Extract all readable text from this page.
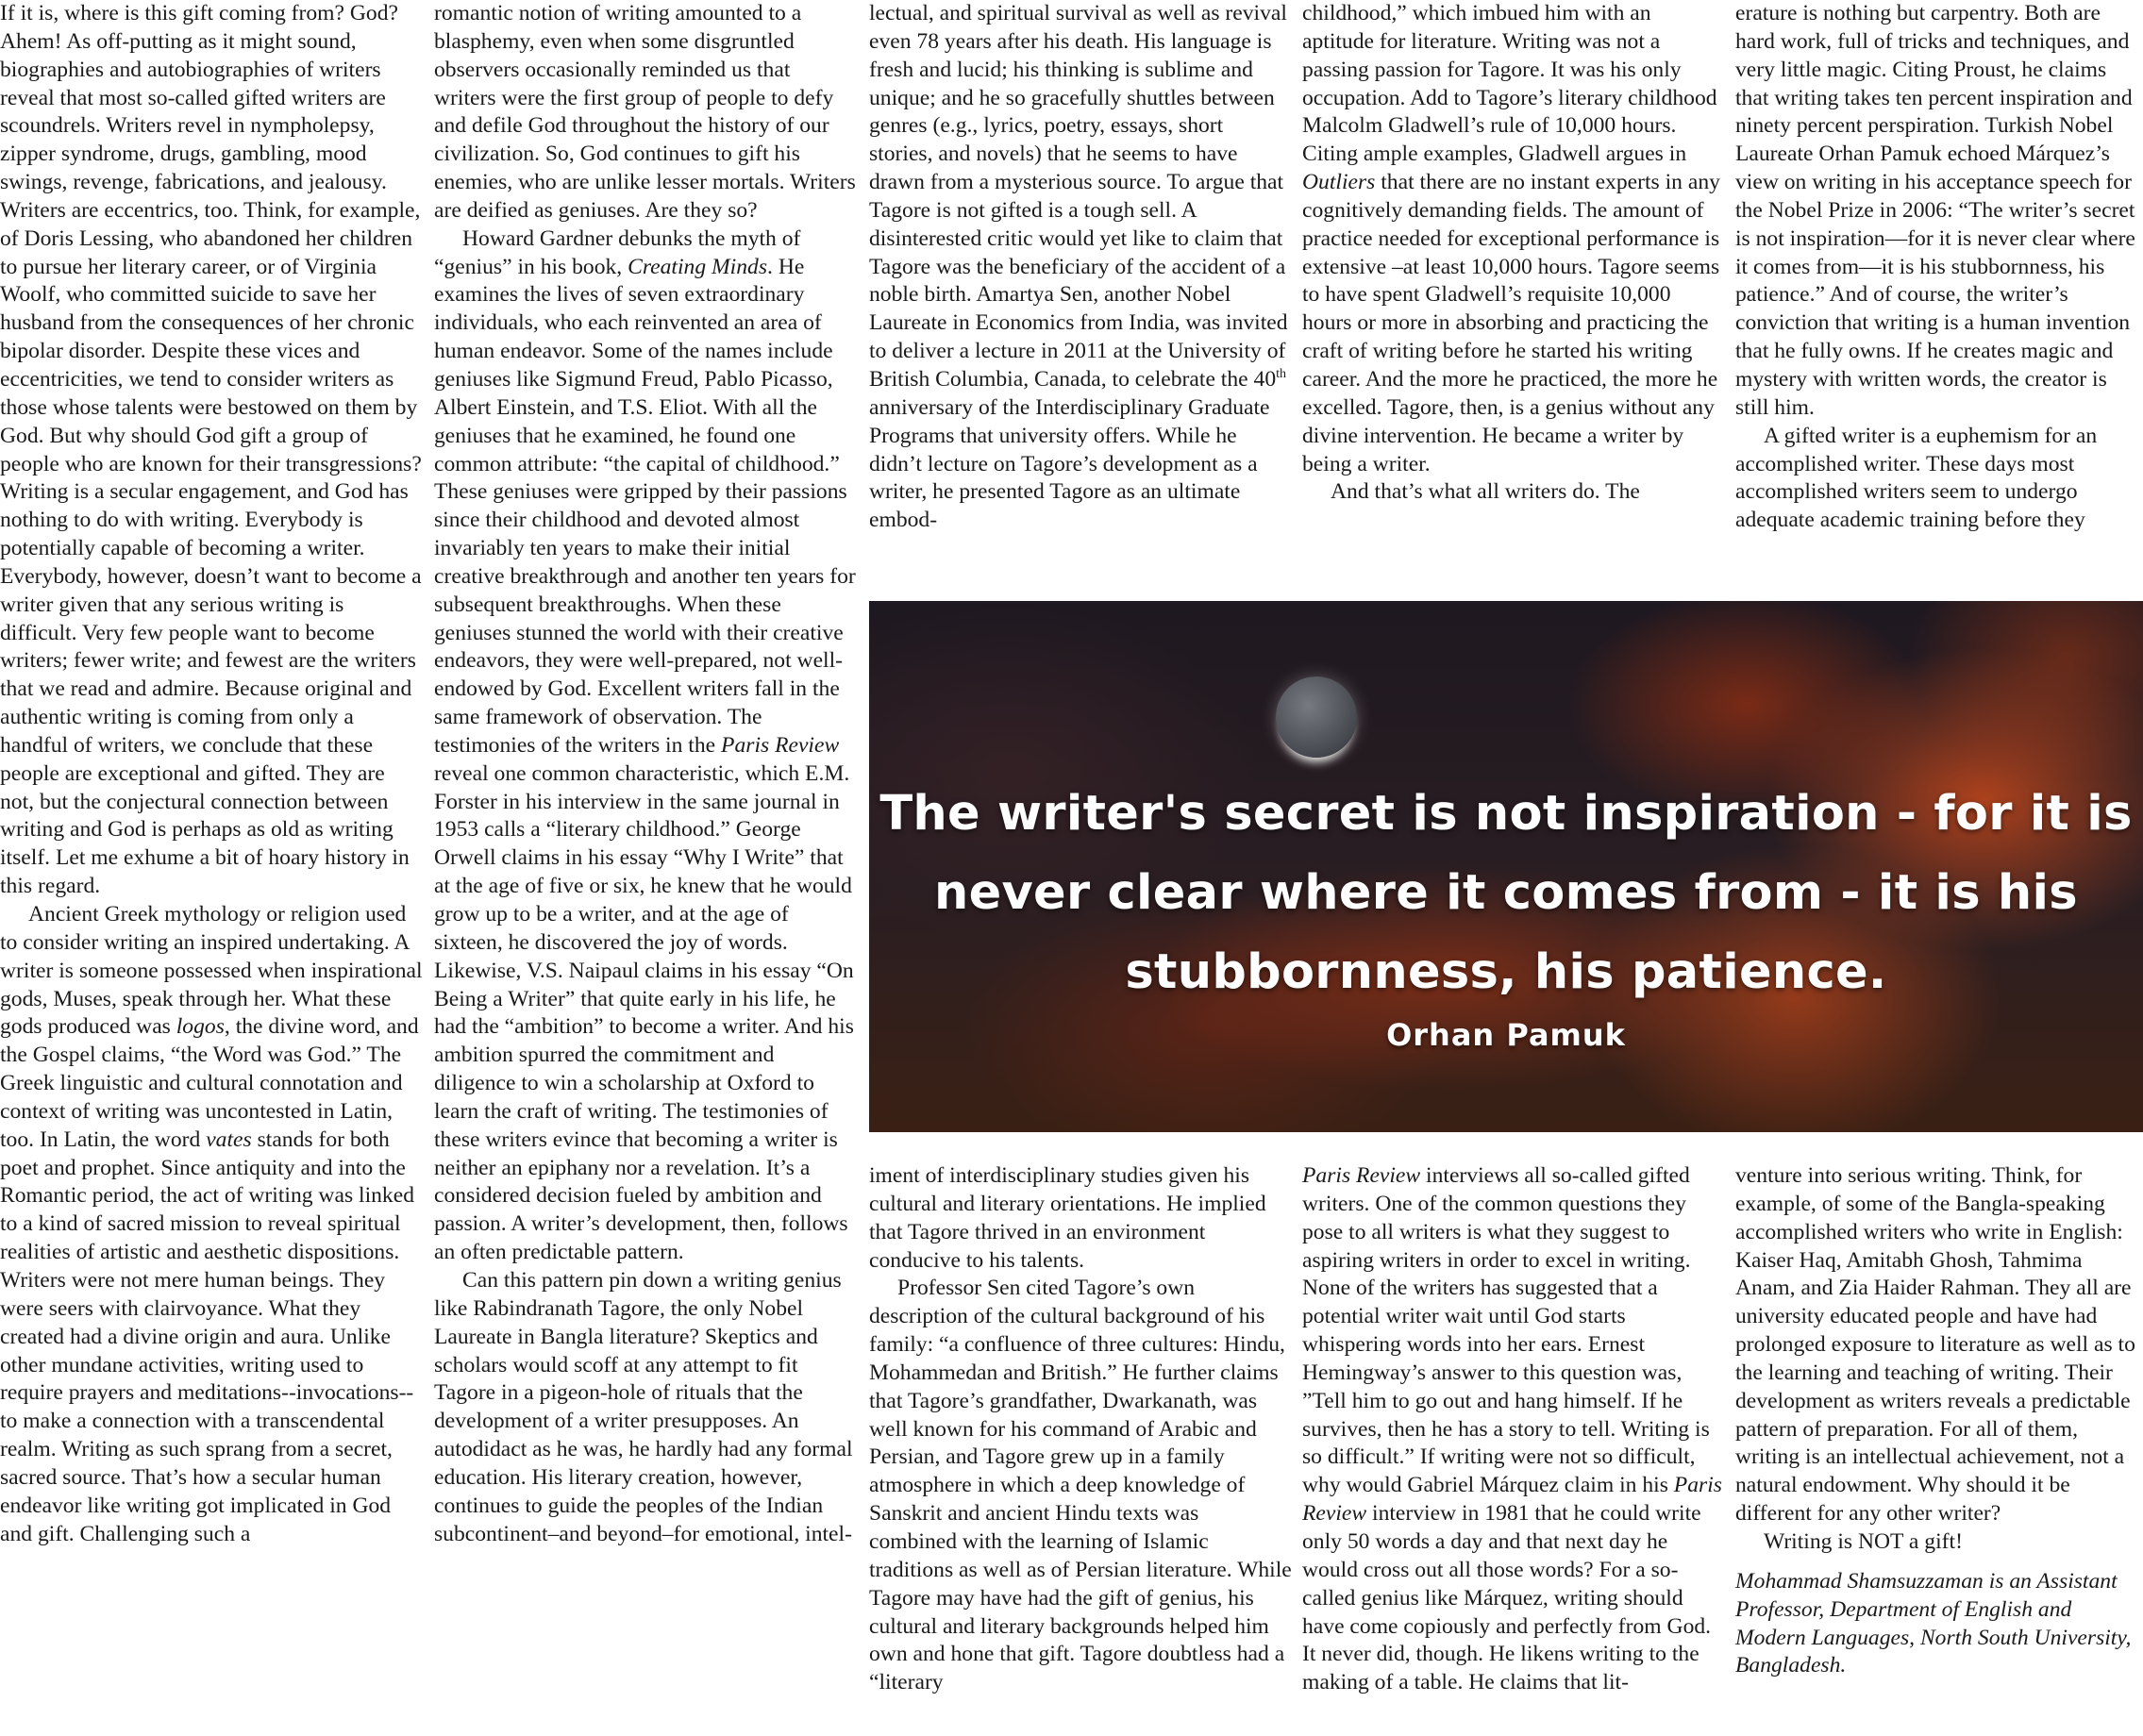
If it is, where is this gift coming from? God? Ahem! As off-putting as it might sound, biographies and autobiographies of writers reveal that most so-called gifted writers are scoundrels. Writers revel in nympholepsy, zipper syndrome, drugs, gambling, mood swings, revenge, fabrications, and jealousy. Writers are eccentrics, too. Think, for example, of Doris Lessing, who abandoned her children to pursue her literary career, or of Virginia Woolf, who committed suicide to save her husband from the consequences of her chronic bipolar disorder. Despite these vices and eccentricities, we tend to consider writers as those whose talents were bestowed on them by God. But why should God gift a group of people who are known for their transgressions? Writing is a secular engagement, and God has nothing to do with writing. Everybody is potentially capable of becoming a writer. Everybody, however, doesn’t want to become a writer given that any serious writing is difficult. Very few people want to become writers; fewer write; and fewest are the writers that we read and admire. Because original and authentic writing is coming from only a handful of writers, we conclude that these people are exceptional and gifted. They are not, but the conjectural connection between writing and God is perhaps as old as writing itself. Let me exhume a bit of hoary history in this regard.

Ancient Greek mythology or religion used to consider writing an inspired undertaking. A writer is someone possessed when inspirational gods, Muses, speak through her. What these gods produced was logos, the divine word, and the Gospel claims, “the Word was God.” The Greek linguistic and cultural connotation and context of writing was uncontested in Latin, too. In Latin, the word vates stands for both poet and prophet. Since antiquity and into the Romantic period, the act of writing was linked to a kind of sacred mission to reveal spiritual realities of artistic and aesthetic dispositions. Writers were not mere human beings. They were seers with clairvoyance. What they created had a divine origin and aura. Unlike other mundane activities, writing used to require prayers and meditations--invocations-- to make a connection with a transcendental realm. Writing as such sprang from a secret, sacred source. That’s how a secular human endeavor like writing got implicated in God and gift. Challenging such a

romantic notion of writing amounted to a blasphemy, even when some disgruntled observers occasionally reminded us that writers were the first group of people to defy and defile God throughout the history of our civilization. So, God continues to gift his enemies, who are unlike lesser mortals. Writers are deified as geniuses. Are they so?

Howard Gardner debunks the myth of “genius” in his book, Creating Minds. He examines the lives of seven extraordinary individuals, who each reinvented an area of human endeavor. Some of the names include geniuses like Sigmund Freud, Pablo Picasso, Albert Einstein, and T.S. Eliot. With all the geniuses that he examined, he found one common attribute: “the capital of childhood.” These geniuses were gripped by their passions since their childhood and devoted almost invariably ten years to make their initial creative breakthrough and another ten years for subsequent breakthroughs. When these geniuses stunned the world with their creative endeavors, they were well-prepared, not well-endowed by God. Excellent writers fall in the same framework of observation. The testimonies of the writers in the Paris Review reveal one common characteristic, which E.M. Forster in his interview in the same journal in 1953 calls a “literary childhood.” George Orwell claims in his essay “Why I Write” that at the age of five or six, he knew that he would grow up to be a writer, and at the age of sixteen, he discovered the joy of words. Likewise, V.S. Naipaul claims in his essay “On Being a Writer” that quite early in his life, he had the “ambition” to become a writer. And his ambition spurred the commitment and diligence to win a scholarship at Oxford to learn the craft of writing. The testimonies of these writers evince that becoming a writer is neither an epiphany nor a revelation. It’s a considered decision fueled by ambition and passion. A writer’s development, then, follows an often predictable pattern.

Can this pattern pin down a writing genius like Rabindranath Tagore, the only Nobel Laureate in Bangla literature? Skeptics and scholars would scoff at any attempt to fit Tagore in a pigeon-hole of rituals that the development of a writer presupposes. An autodidact as he was, he hardly had any formal education. His literary creation, however, continues to guide the peoples of the Indian subcontinent–and beyond–for emotional, intel-

lectual, and spiritual survival as well as revival even 78 years after his death. His language is fresh and lucid; his thinking is sublime and unique; and he so gracefully shuttles between genres (e.g., lyrics, poetry, essays, short stories, and novels) that he seems to have drawn from a mysterious source. To argue that Tagore is not gifted is a tough sell. A disinterested critic would yet like to claim that Tagore was the beneficiary of the accident of a noble birth. Amartya Sen, another Nobel Laureate in Economics from India, was invited to deliver a lecture in 2011 at the University of British Columbia, Canada, to celebrate the 40th anniversary of the Interdisciplinary Graduate Programs that university offers. While he didn’t lecture on Tagore’s development as a writer, he presented Tagore as an ultimate embod-

childhood,” which imbued him with an aptitude for literature. Writing was not a passing passion for Tagore. It was his only occupation. Add to Tagore’s literary childhood Malcolm Gladwell’s rule of 10,000 hours. Citing ample examples, Gladwell argues in Outliers that there are no instant experts in any cognitively demanding fields. The amount of practice needed for exceptional performance is extensive –at least 10,000 hours. Tagore seems to have spent Gladwell’s requisite 10,000 hours or more in absorbing and practicing the craft of writing before he started his writing career. And the more he practiced, the more he excelled. Tagore, then, is a genius without any divine intervention. He became a writer by being a writer.

And that’s what all writers do. The

erature is nothing but carpentry. Both are hard work, full of tricks and techniques, and very little magic. Citing Proust, he claims that writing takes ten percent inspiration and ninety percent perspiration. Turkish Nobel Laureate Orhan Pamuk echoed Márquez’s view on writing in his acceptance speech for the Nobel Prize in 2006: “The writer’s secret is not inspiration—for it is never clear where it comes from—it is his stubbornness, his patience.” And of course, the writer’s conviction that writing is a human invention that he fully owns. If he creates magic and mystery with written words, the creator is still him.

A gifted writer is a euphemism for an accomplished writer. These days most accomplished writers seem to undergo adequate academic training before they

The writer's secret is not inspiration - for it is
never clear where it comes from - it is his
stubbornness, his patience.
Orhan Pamuk

iment of interdisciplinary studies given his cultural and literary orientations. He implied that Tagore thrived in an environment conducive to his talents.

Professor Sen cited Tagore’s own description of the cultural background of his family: “a confluence of three cultures: Hindu, Mohammedan and British.” He further claims that Tagore’s grandfather, Dwarkanath, was well known for his command of Arabic and Persian, and Tagore grew up in a family atmosphere in which a deep knowledge of Sanskrit and ancient Hindu texts was combined with the learning of Islamic traditions as well as of Persian literature. While Tagore may have had the gift of genius, his cultural and literary backgrounds helped him own and hone that gift. Tagore doubtless had a “literary

Paris Review interviews all so-called gifted writers. One of the common questions they pose to all writers is what they suggest to aspiring writers in order to excel in writing. None of the writers has suggested that a potential writer wait until God starts whispering words into her ears. Ernest Hemingway’s answer to this question was, ”Tell him to go out and hang himself. If he survives, then he has a story to tell. Writing is so difficult.” If writing were not so difficult, why would Gabriel Márquez claim in his Paris Review interview in 1981 that he could write only 50 words a day and that next day he would cross out all those words? For a so-called genius like Márquez, writing should have come copiously and perfectly from God. It never did, though. He likens writing to the making of a table. He claims that lit-

venture into serious writing. Think, for example, of some of the Bangla-speaking accomplished writers who write in English: Kaiser Haq, Amitabh Ghosh, Tahmima Anam, and Zia Haider Rahman. They all are university educated people and have had prolonged exposure to literature as well as to the learning and teaching of writing. Their development as writers reveals a predictable pattern of preparation. For all of them, writing is an intellectual achievement, not a natural endowment. Why should it be different for any other writer?

Writing is NOT a gift!

Mohammad Shamsuzzaman is an Assistant Professor, Department of English and Modern Languages, North South University, Bangladesh.
